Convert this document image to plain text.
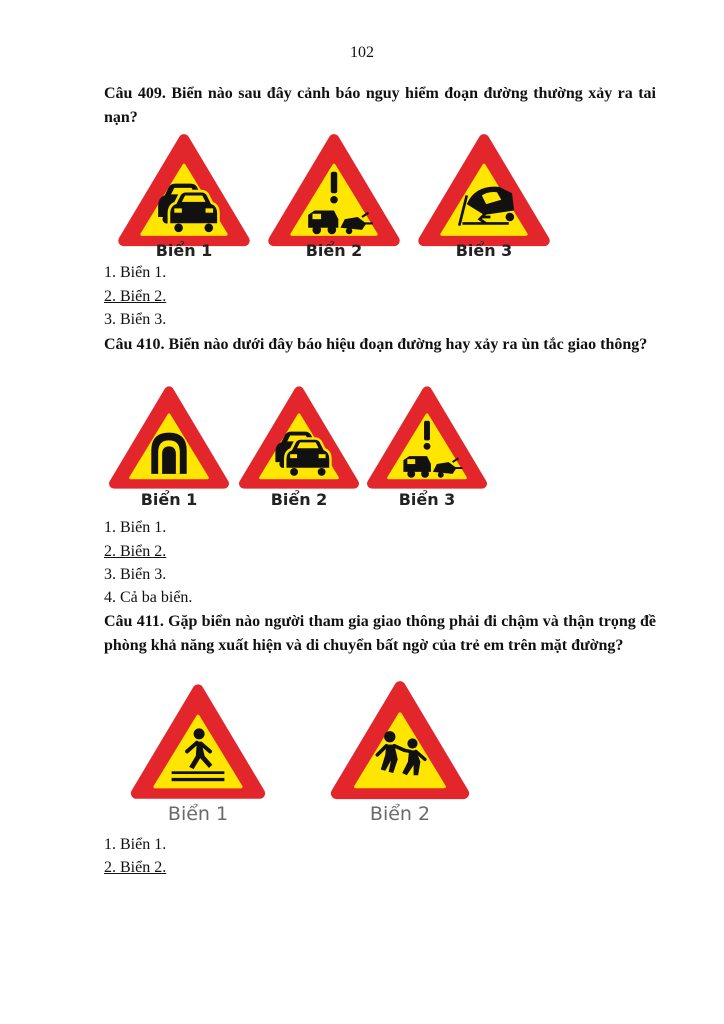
102
Câu 409. Biển nào sau đây cảnh báo nguy hiểm đoạn đường thường xảy ra tai nạn?
Biển 1	Biển 2	Biển 3
1. Biển 1.
2. Biển 2.
3. Biển 3.
Câu 410. Biển nào dưới đây báo hiệu đoạn đường hay xảy ra ùn tắc giao thông?
Biển 1	Biển 2	Biển 3
1. Biển 1.
2. Biển 2.
3. Biển 3.
4. Cả ba biển.
Câu 411. Gặp biển nào người tham gia giao thông phải đi chậm và thận trọng đề phòng khả năng xuất hiện và di chuyển bất ngờ của trẻ em trên mặt đường?
Biển 1	Biển 2
1. Biển 1.
2. Biển 2.
